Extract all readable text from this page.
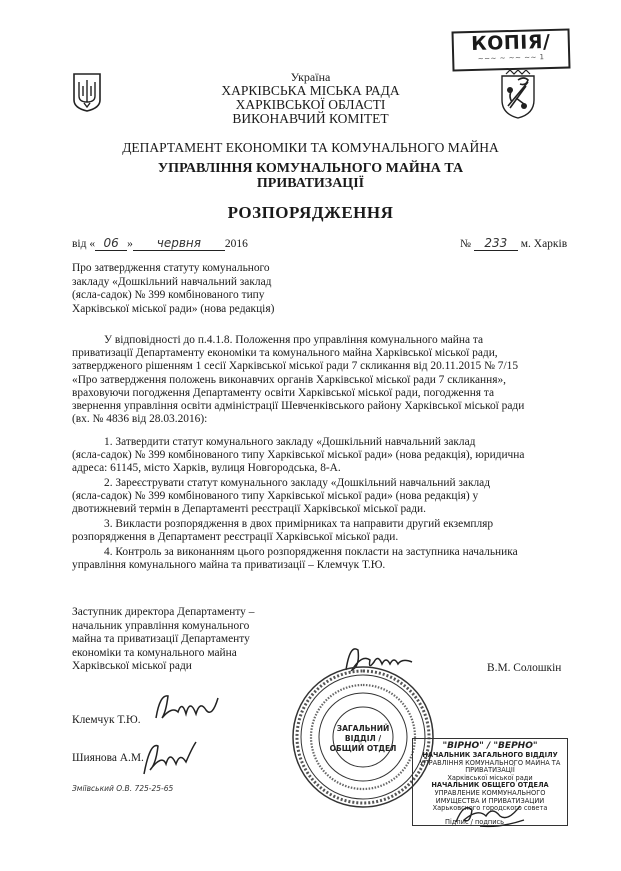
КОПІЯ/
~~~ ~ ~~ ~~ 1
Україна
ХАРКІВСЬКА МІСЬКА РАДА
ХАРКІВСЬКОЇ ОБЛАСТІ
ВИКОНАВЧИЙ КОМІТЕТ
ДЕПАРТАМЕНТ ЕКОНОМІКИ ТА КОМУНАЛЬНОГО МАЙНА
УПРАВЛІННЯ КОМУНАЛЬНОГО МАЙНА ТА
ПРИВАТИЗАЦІЇ
РОЗПОРЯДЖЕННЯ
від « 06 » червня 2016	№ 233 м. Харків
Про затвердження статуту комунального
закладу «Дошкільний навчальний заклад
(ясла-садок) № 399 комбінованого типу
Харківської міської ради» (нова редакція)
У відповідності до п.4.1.8. Положення про управління комунального майна та
приватизації Департаменту економіки та комунального майна Харківської міської ради,
затвердженого рішенням 1 сесії Харківської міської ради 7 скликання від 20.11.2015 № 7/15
«Про затвердження положень виконавчих органів Харківської міської ради 7 скликання»,
враховуючи погодження Департаменту освіти Харківської міської ради, погодження та
звернення управління освіти адміністрації Шевченківського району Харківської міської ради
(вх. № 4836 від 28.03.2016):
1. Затвердити статут комунального закладу «Дошкільний навчальний заклад
(ясла-садок) № 399 комбінованого типу Харківської міської ради» (нова редакція), юридична
адреса: 61145, місто Харків, вулиця Новгородська, 8-А.
2. Зареєструвати статут комунального закладу «Дошкільний навчальний заклад
(ясла-садок) № 399 комбінованого типу Харківської міської ради» (нова редакція) у
двотижневий термін в Департаменті реєстрації Харківської міської ради.
3. Викласти розпорядження в двох примірниках та направити другий екземпляр
розпорядження в Департамент реєстрації Харківської міської ради.
4. Контроль за виконанням цього розпорядження покласти на заступника начальника
управління комунального майна та приватизації – Клемчук Т.Ю.
Заступник директора Департаменту –
начальник управління комунального
майна та приватизації Департаменту
економіки та комунального майна
Харківської міської ради	В.М. Солошкін
ЗАГАЛЬНИЙ
ВІДДІЛ /
ОБЩИЙ ОТДЕЛ
Клемчук Т.Ю.
Шиянова А.М.
Зміївський О.В. 725-25-65
"ВІРНО" / "ВЕРНО"
НАЧАЛЬНИК ЗАГАЛЬНОГО ВІДДІЛУ
УПРАВЛІННЯ КОМУНАЛЬНОГО МАЙНА ТА ПРИВАТИЗАЦІЇ
Харківської міської ради
НАЧАЛЬНИК ОБЩЕГО ОТДЕЛА
УПРАВЛЕНИЕ КОММУНАЛЬНОГО ИМУЩЕСТВА И ПРИВАТИЗАЦИИ
Харьковского городского совета
Підпис / подпись
